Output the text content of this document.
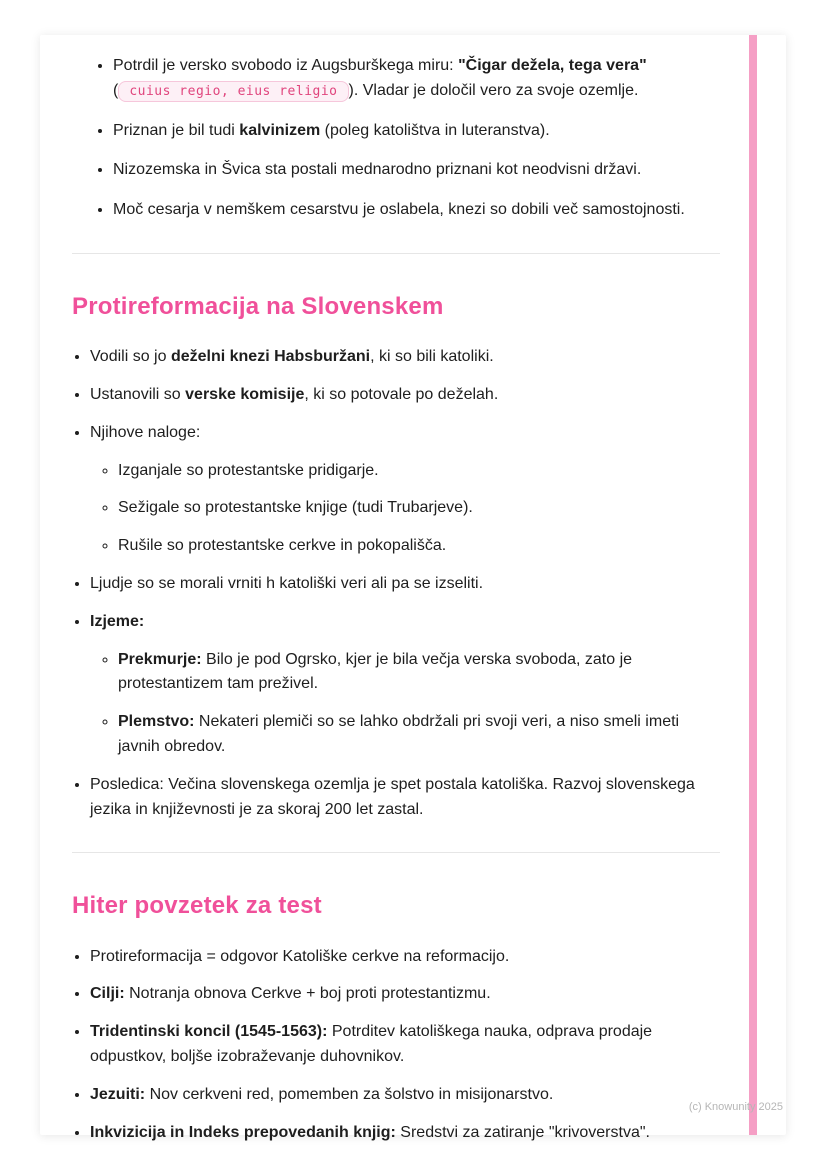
• Potrdil je versko svobodo iz Augsburškega miru: "Čigar dežela, tega vera" ( cuius regio, eius religio ). Vladar je določil vero za svoje ozemlje.
• Priznan je bil tudi kalvinizem (poleg katolištva in luteranstva).
• Nizozemska in Švica sta postali mednarodno priznani kot neodvisni državi.
• Moč cesarja v nemškem cesarstvu je oslabela, knezi so dobili več samostojnosti.
Protireformacija na Slovenskem
• Vodili so jo deželni knezi Habsburžani, ki so bili katoliki.
• Ustanovili so verske komisije, ki so potovale po deželah.
• Njihove naloge:
◦ Izganjale so protestantske pridigarje.
◦ Sežigale so protestantske knjige (tudi Trubarjeve).
◦ Rušile so protestantske cerkve in pokopališča.
• Ljudje so se morali vrniti h katoliški veri ali pa se izseliti.
• Izjeme:
◦ Prekmurje: Bilo je pod Ogrsko, kjer je bila večja verska svoboda, zato je protestantizem tam preživel.
◦ Plemstvo: Nekateri plemiči so se lahko obdržali pri svoji veri, a niso smeli imeti javnih obredov.
• Posledica: Večina slovenskega ozemlja je spet postala katoliška. Razvoj slovenskega jezika in književnosti je za skoraj 200 let zastal.
Hiter povzetek za test
• Protireformacija = odgovor Katoliške cerkve na reformacijo.
• Cilji: Notranja obnova Cerkve + boj proti protestantizmu.
• Tridentinski koncil (1545-1563): Potrditev katoliškega nauka, odprava prodaje odpustkov, boljše izobraževanje duhovnikov.
• Jezuiti: Nov cerkveni red, pomemben za šolstvo in misijonarstvo.
• Inkvizicija in Indeks prepovedanih knjig: Sredstvi za zatiranje "krivoverstva".
(c) Knowunity 2025
